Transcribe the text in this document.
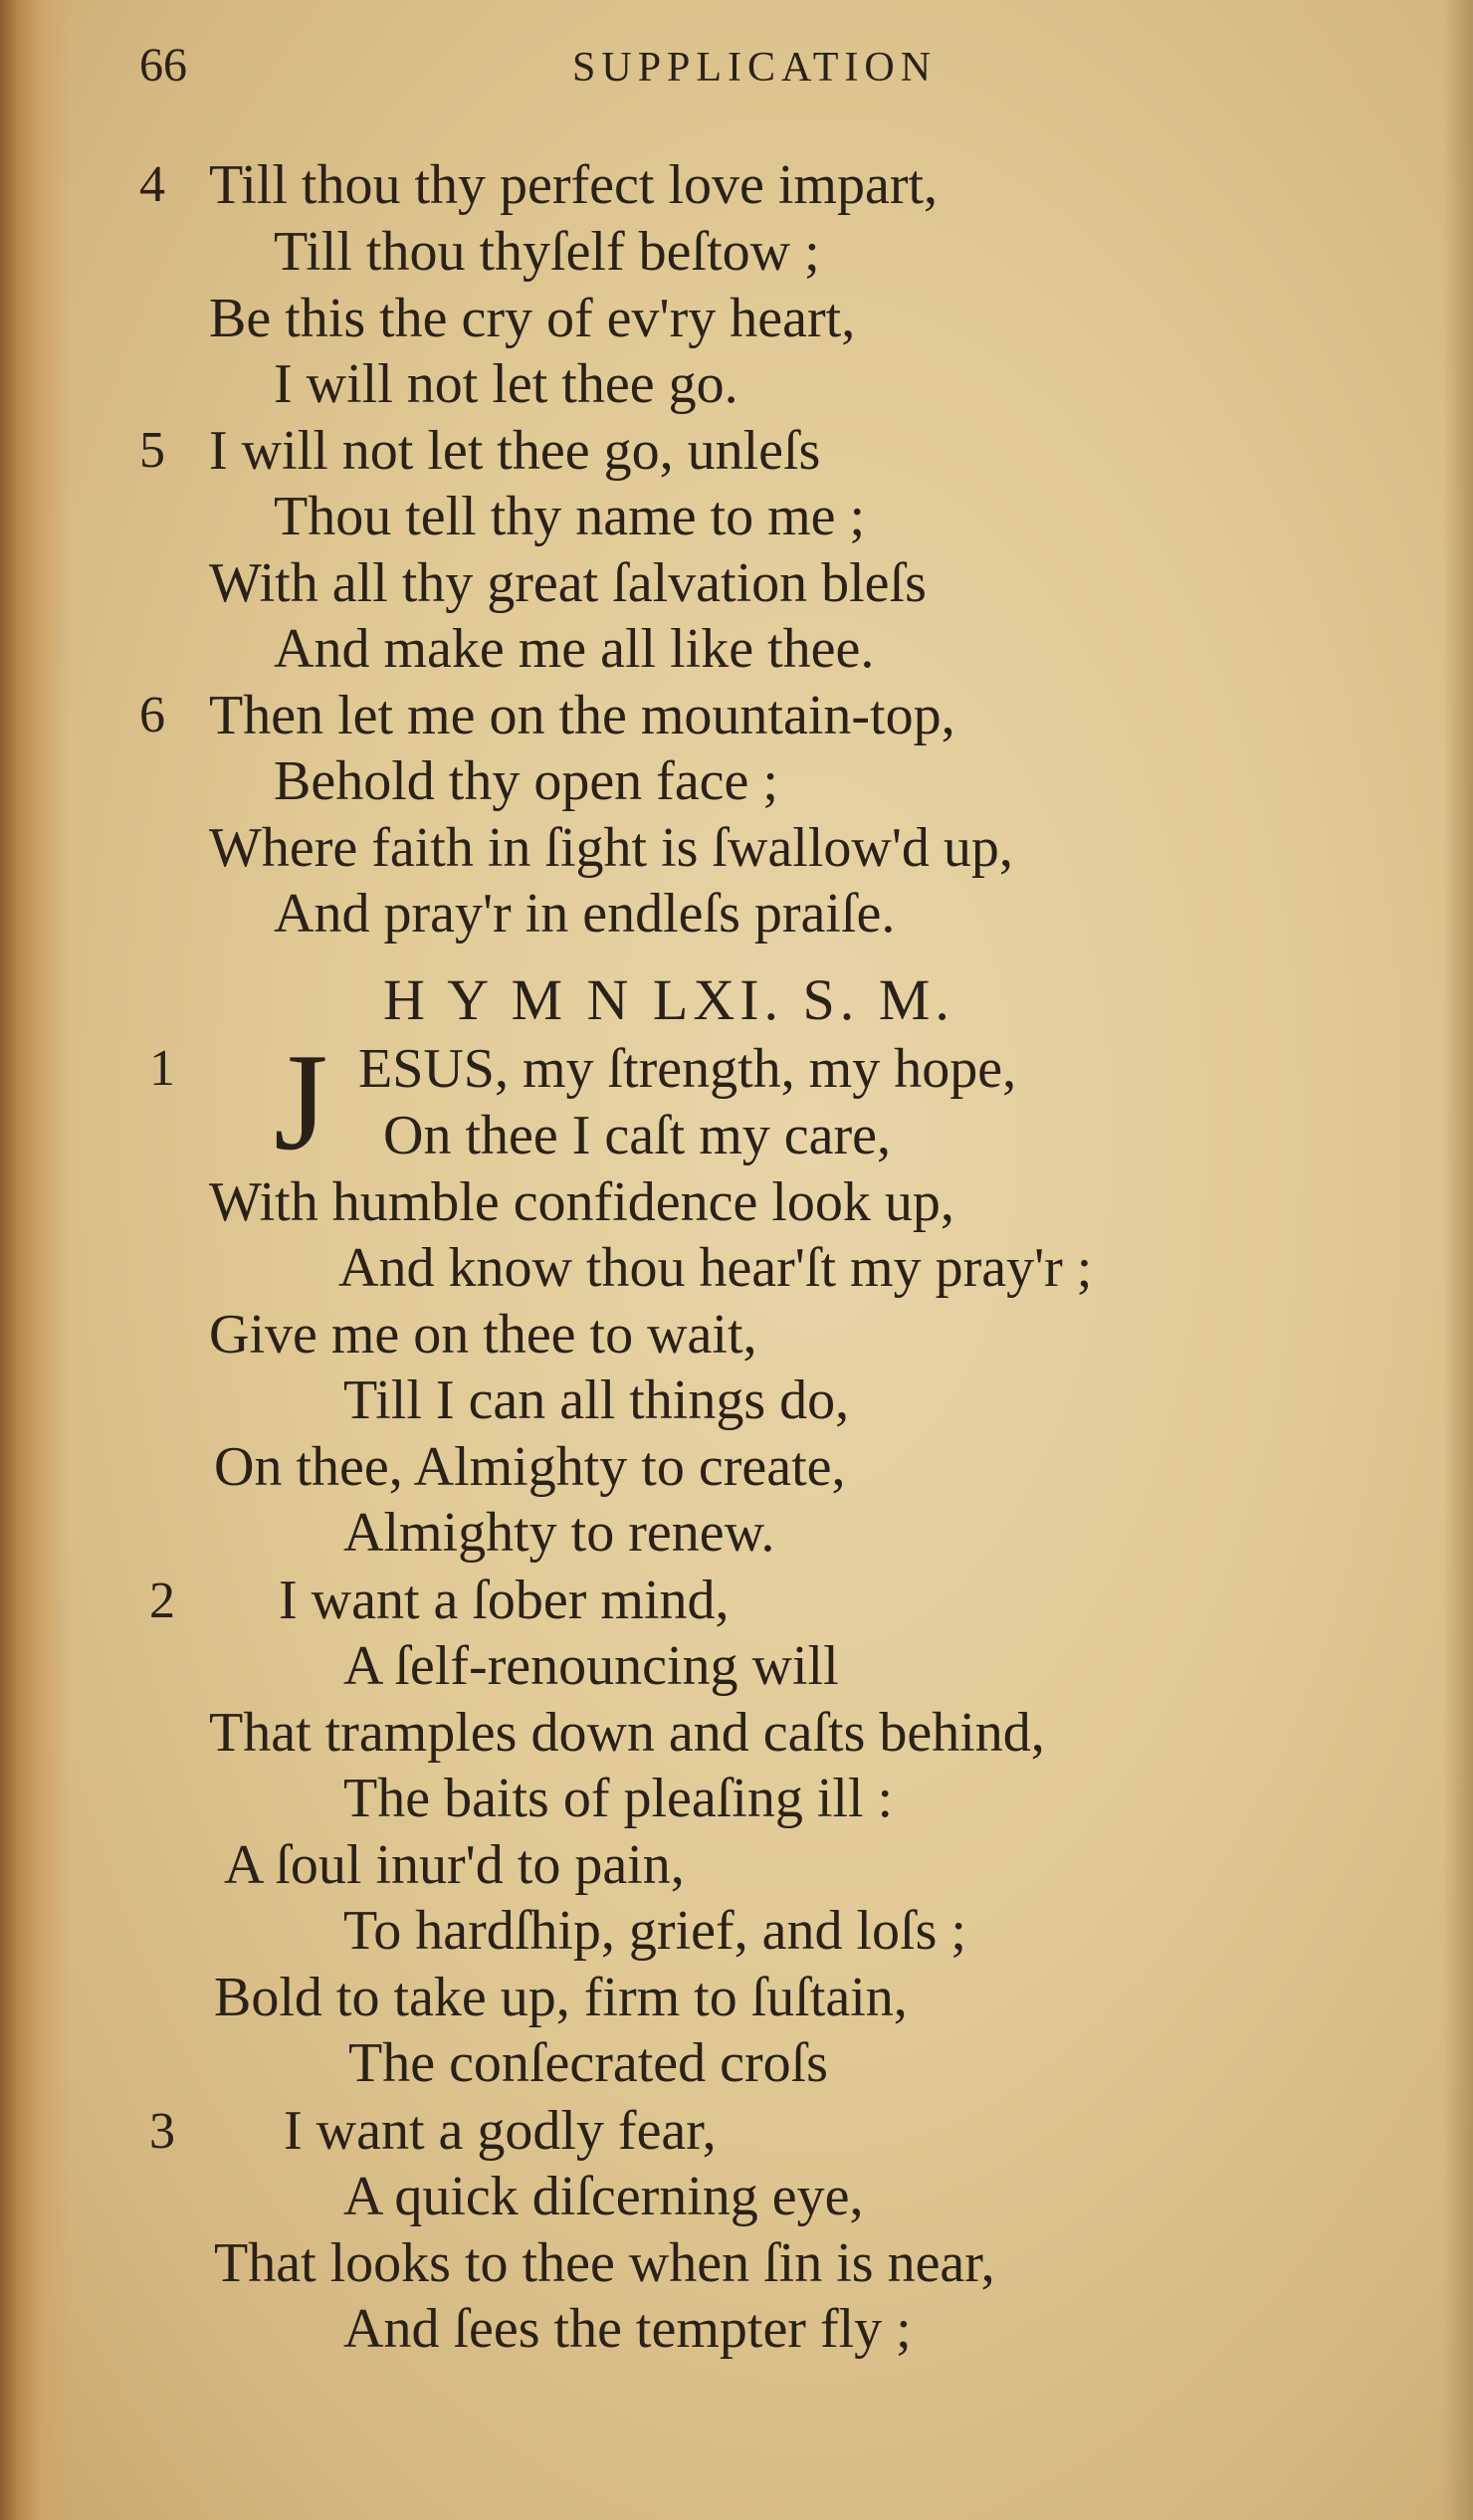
66	SUPPLICATION
4 Till thou thy perfect love impart,
Till thou thyſelf beſtow ;
Be this the cry of ev'ry heart,
I will not let thee go.
5 I will not let thee go, unleſs
Thou tell thy name to me ;
With all thy great ſalvation bleſs
And make me all like thee.
6 Then let me on the mountain-top,
Behold thy open face ;
Where faith in ſight is ſwallow'd up,
And pray'r in endleſs praiſe.
H Y M N LXI. S. M.
1 J ESUS, my ſtrength, my hope,
On thee I caſt my care,
With humble confidence look up,
And know thou hear'ſt my pray'r ;
Give me on thee to wait,
Till I can all things do,
On thee, Almighty to create,
Almighty to renew.
2 I want a ſober mind,
A ſelf-renouncing will
That tramples down and caſts behind,
The baits of pleaſing ill :
A ſoul inur'd to pain,
To hardſhip, grief, and loſs ;
Bold to take up, firm to ſuſtain,
The conſecrated croſs
3 I want a godly fear,
A quick diſcerning eye,
That looks to thee when ſin is near,
And ſees the tempter fly ;
